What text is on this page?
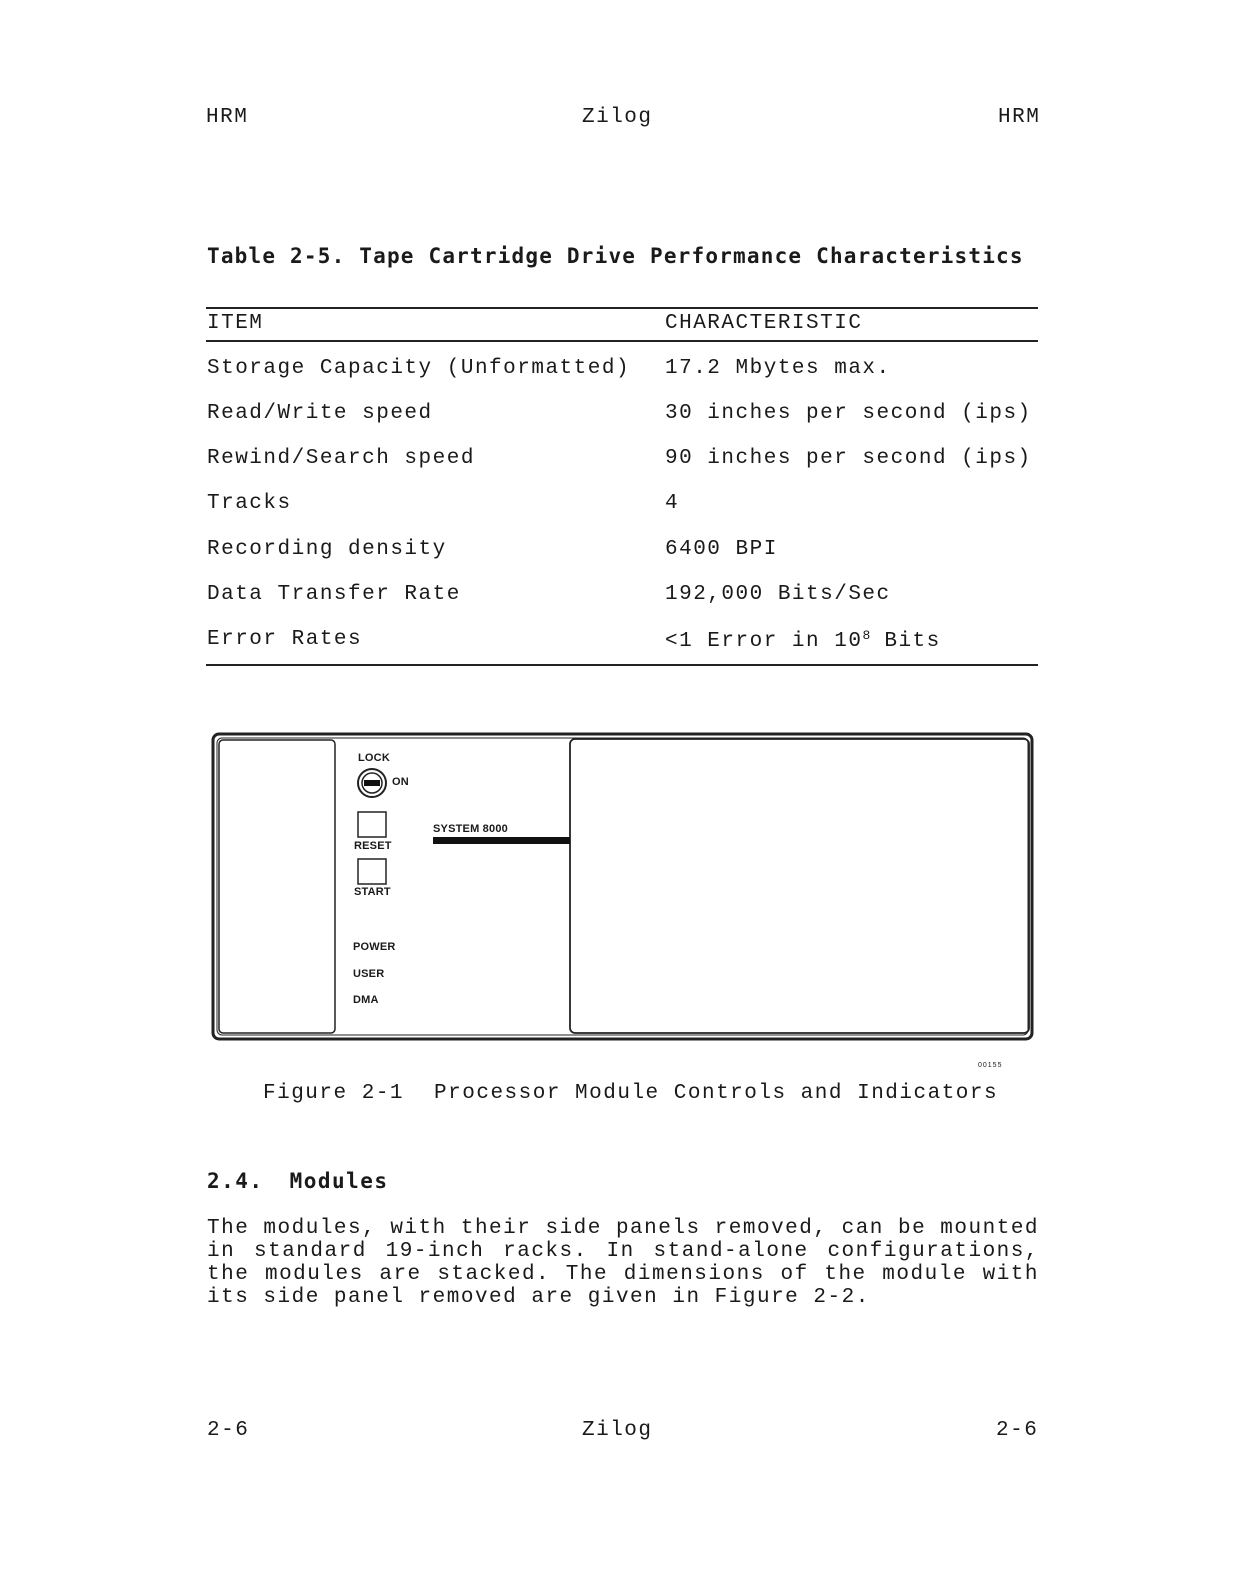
HRM	Zilog	HRM
Table 2-5. Tape Cartridge Drive Performance Characteristics
ITEM	CHARACTERISTIC
Storage Capacity (Unformatted) 17.2 Mbytes max.
Read/Write speed	30 inches per second (ips)
Rewind/Search speed	90 inches per second (ips)
Tracks	4
Recording density	6400 BPI
Data Transfer Rate	192,000 Bits/Sec
Error Rates	<1 Error in $10^8$ Bits
LOCK
ON
SYSTEM 8000
RESET
START
POWER
USER
DMA
00155
Figure 2-1 Processor Module Controls and Indicators
2.4. Modules
The modules, with their side panels removed, can be mounted
in standard 19-inch racks. In stand-alone configurations,
the modules are stacked. The dimensions of the module with
its side panel removed are given in Figure 2-2.
2-6	Zilog	2-6
